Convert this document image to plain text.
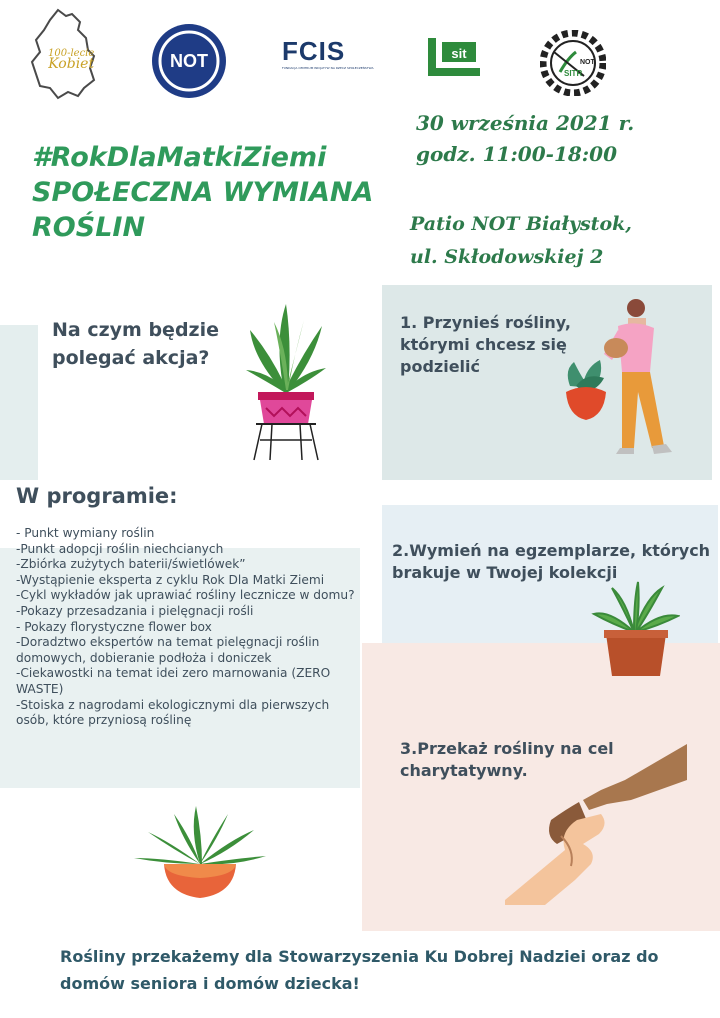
100-lecie
Kobiet	NOT	FCIS
FUNDACJA CENTRUM INICJATYW NA RZECZ SPOŁECZEŃSTWA
sit
SITR
NOT
#RokDlaMatkiZiemi
SPOŁECZNA WYMIANA
ROŚLIN
30 września 2021 r.
godz. 11:00-18:00
Patio NOT Białystok,
ul. Skłodowskiej 2
Na czym będzie polegać akcja?
1. Przynieś rośliny, którymi chcesz się podzielić
2.Wymień na egzemplarze, których brakuje w Twojej kolekcji
3.Przekaż rośliny na cel charytatywny.
W programie:
- Punkt wymiany roślin
-Punkt adopcji roślin niechcianych
-Zbiórka zużytych baterii/świetlówek”
-Wystąpienie eksperta z cyklu Rok Dla Matki Ziemi
-Cykl wykładów jak uprawiać rośliny lecznicze w domu?
-Pokazy przesadzania i pielęgnacji rośli
- Pokazy florystyczne flower box
-Doradztwo ekspertów na temat pielęgnacji roślin domowych, dobieranie podłoża i doniczek
-Ciekawostki na temat idei zero marnowania (ZERO WASTE)
-Stoiska z nagrodami ekologicznymi dla pierwszych osób, które przyniosą roślinę
Rośliny przekażemy dla Stowarzyszenia Ku Dobrej Nadziei oraz do domów seniora i domów dziecka!
